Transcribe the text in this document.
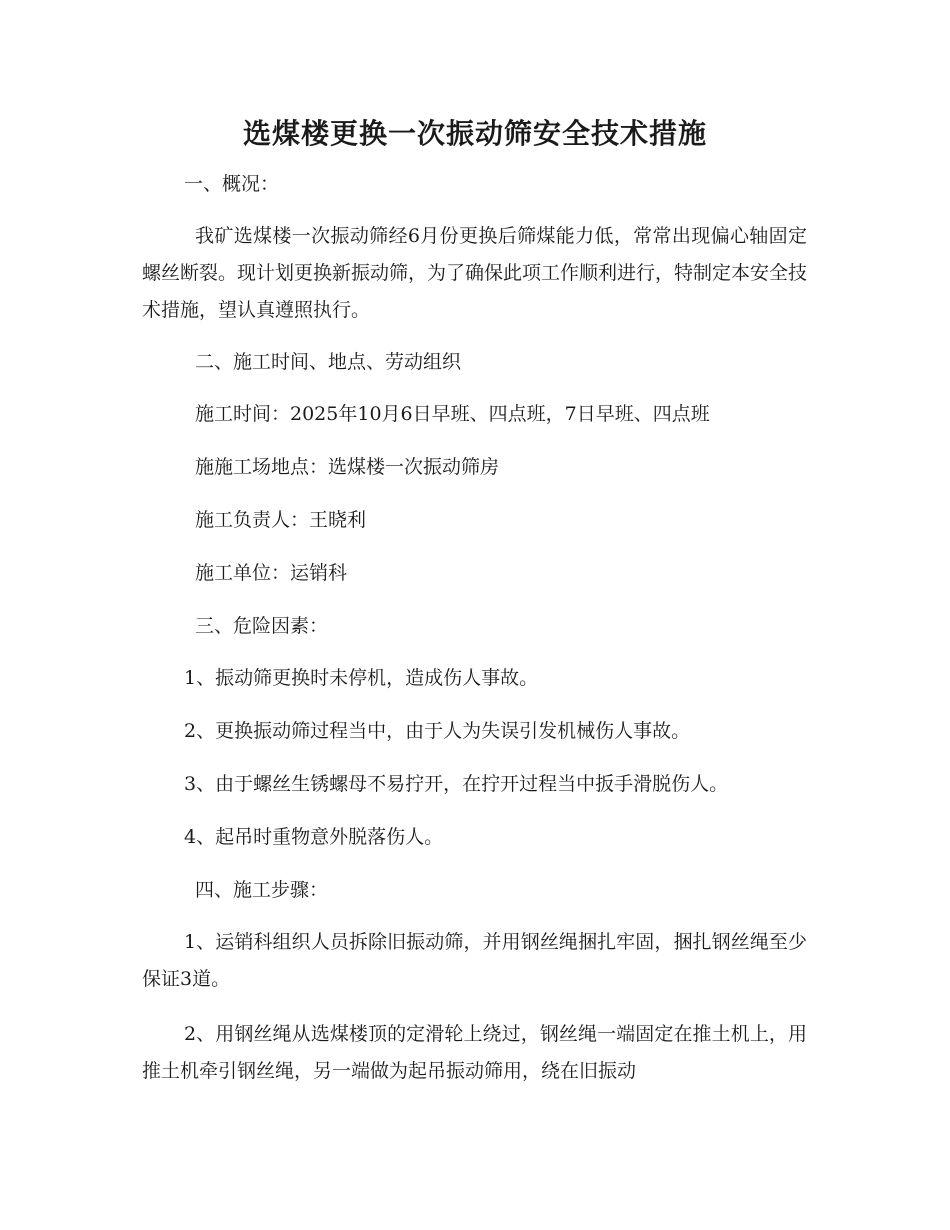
选煤楼更换一次振动筛安全技术措施

一、概况：

我矿选煤楼一次振动筛经6月份更换后筛煤能力低，常常出现偏心轴固定螺丝断裂。现计划更换新振动筛，为了确保此项工作顺利进行，特制定本安全技术措施，望认真遵照执行。

二、施工时间、地点、劳动组织

施工时间：2025年10月6日早班、四点班，7日早班、四点班

施施工场地点：选煤楼一次振动筛房

施工负责人：王晓利

施工单位：运销科

三、危险因素：

1、振动筛更换时未停机，造成伤人事故。

2、更换振动筛过程当中，由于人为失误引发机械伤人事故。

3、由于螺丝生锈螺母不易拧开，在拧开过程当中扳手滑脱伤人。

4、起吊时重物意外脱落伤人。

四、施工步骤：

1、运销科组织人员拆除旧振动筛，并用钢丝绳捆扎牢固，捆扎钢丝绳至少保证3道。

2、用钢丝绳从选煤楼顶的定滑轮上绕过，钢丝绳一端固定在推土机上，用推土机牵引钢丝绳，另一端做为起吊振动筛用，绕在旧振动
